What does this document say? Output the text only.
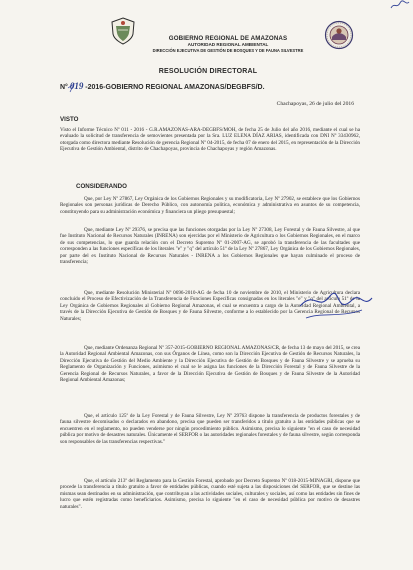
GOBIERNO REGIONAL DE AMAZONAS
AUTORIDAD REGIONAL AMBIENTAL
DIRECCIÓN EJECUTIVA DE GESTIÓN DE BOSQUES Y DE FAUNA SILVESTRE
RESOLUCIÓN DIRECTORAL
N° 019 -2016-GOBIERNO REGIONAL AMAZONAS/DEGBFS/D.
Chachapoyas, 26 de julio del 2016
VISTO

Visto el Informe Técnico Nº 011 - 2016 - G.R.AMAZONAS-ARA-DEGBFS/MOH, de fecha 25 de Julio del año 2016, mediante el cual se ha evaluado la solicitud de transferencia de semovientes presentada por la Sra. LUZ ELENA DÍAZ ARIAS, identificada con DNI Nº 33430962, otorgada como directora mediante Resolución de gerencia Regional Nº 04-2015, de fecha 07 de enero del 2015, en representación de la Dirección Ejecutiva de Gestión Ambiental, distrito de Chachapoyas, provincia de Chachapoyas y región Amazonas.

CONSIDERANDO

Que, por Ley Nº 27867, Ley Orgánica de los Gobiernos Regionales y su modificatoria, Ley Nº 27902, se establece que los Gobiernos Regionales son personas jurídicas de Derecho Público, con autonomía política, económica y administrativa en asuntos de su competencia, constituyendo para su administración económica y financiera un pliego presupuestal;

Que, mediante Ley Nº 29376, se precisa que las funciones otorgadas por la Ley Nº 27308, Ley Forestal y de Fauna Silvestre, al que fue Instituto Nacional de Recursos Naturales (INRENA) son ejercidas por el Ministerio de Agricultura o los Gobiernos Regionales, en el marco de sus competencias, lo que guarda relación con el Decreto Supremo Nº 01-2007-AG, se aprobó la transferencia de las facultades que corresponden a las funciones específicas de los literales "e" y "q" del artículo 51º de la Ley Nº 27867, Ley Orgánica de los Gobiernos Regionales, por parte del ex Instituto Nacional de Recursos Naturales - INRENA a los Gobiernos Regionales que hayan culminado el proceso de transferencia;

Que, mediante Resolución Ministerial Nº 0696-2010-AG de fecha 10 de noviembre de 2010, el Ministerio de Agricultura declara concluido el Proceso de Efectivización de la Transferencia de Funciones Específicas consignadas en los literales "e" y "q" del artículo 51º de la Ley Orgánica de Gobiernos Regionales al Gobierno Regional Amazonas, el cual se encuentra a cargo de la Autoridad Regional Ambiental, a través de la Dirección Ejecutiva de Gestión de Bosques y de Fauna Silvestre, conforme a lo establecido por la Gerencia Regional de Recursos Naturales;

Que, mediante Ordenanza Regional Nº 357-2015-GOBIERNO REGIONAL AMAZONAS/CR, de fecha 13 de mayo del 2015, se crea la Autoridad Regional Ambiental Amazonas, con sus Órganos de Línea, como son la Dirección Ejecutiva de Gestión de Recursos Naturales, la Dirección Ejecutiva de Gestión del Medio Ambiente y la Dirección Ejecutiva de Gestión de Bosques y de Fauna Silvestre y se aprueba su Reglamento de Organización y Funciones, asimismo el cual se le asigna las funciones de la Dirección Forestal y de Fauna Silvestre de la Gerencia Regional de Recursos Naturales, a favor de la Dirección Ejecutiva de Gestión de Bosques y de Fauna Silvestre de la Autoridad Regional Ambiental Amazonas;

Que, el artículo 125º de la Ley Forestal y de Fauna Silvestre, Ley Nº 29763 dispone la transferencia de productos forestales y de fauna silvestre decomisados o declarados en abandono, precisa que pueden ser transferidos a título gratuito a las entidades públicas que se encuentren en el reglamento, no pueden venderse por ningún procedimiento público. Asimismo, precisa lo siguiente "en el caso de necesidad pública por motivo de desastres naturales. Únicamente el SERFOR o las autoridades regionales forestales y de fauna silvestre, según corresponda son responsables de las transferencias respectivas."

Que, el artículo 213º del Reglamento para la Gestión Forestal, aprobado por Decreto Supremo Nº 018-2015-MINAGRI, dispone que procede la transferencia a título gratuito a favor de entidades públicas, cuando esté sujeta a las disposiciones del SERFOR, que se destine las mismas sean destinados en su administración, que contribuyan a las actividades sociales, culturales y sociales, así como las entidades sin fines de lucro que estén registradas como beneficiarios. Asimismo, precisa lo siguiente "en el caso de necesidad pública por motivo de desastres naturales".
